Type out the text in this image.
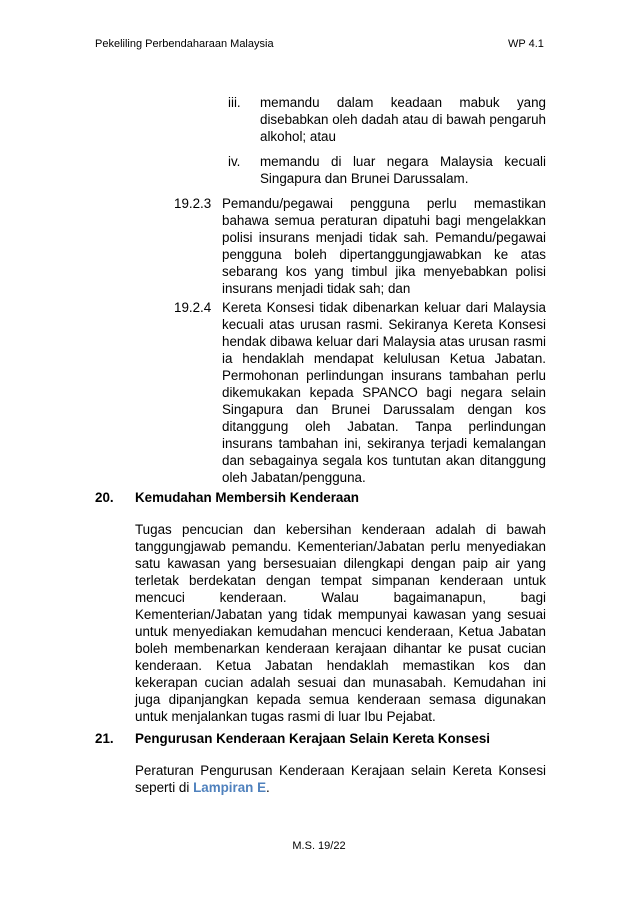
Pekeliling Perbendaharaan Malaysia	WP 4.1
iii. memandu dalam keadaan mabuk yang disebabkan oleh dadah atau di bawah pengaruh alkohol; atau

iv. memandu di luar negara Malaysia kecuali Singapura dan Brunei Darussalam.

19.2.3 Pemandu/pegawai pengguna perlu memastikan bahawa semua peraturan dipatuhi bagi mengelakkan polisi insurans menjadi tidak sah. Pemandu/pegawai pengguna boleh dipertanggungjawabkan ke atas sebarang kos yang timbul jika menyebabkan polisi insurans menjadi tidak sah; dan

19.2.4 Kereta Konsesi tidak dibenarkan keluar dari Malaysia kecuali atas urusan rasmi. Sekiranya Kereta Konsesi hendak dibawa keluar dari Malaysia atas urusan rasmi ia hendaklah mendapat kelulusan Ketua Jabatan. Permohonan perlindungan insurans tambahan perlu dikemukakan kepada SPANCO bagi negara selain Singapura dan Brunei Darussalam dengan kos ditanggung oleh Jabatan. Tanpa perlindungan insurans tambahan ini, sekiranya terjadi kemalangan dan sebagainya segala kos tuntutan akan ditanggung oleh Jabatan/pengguna.

20. Kemudahan Membersih Kenderaan

Tugas pencucian dan kebersihan kenderaan adalah di bawah tanggungjawab pemandu. Kementerian/Jabatan perlu menyediakan satu kawasan yang bersesuaian dilengkapi dengan paip air yang terletak berdekatan dengan tempat simpanan kenderaan untuk mencuci kenderaan. Walau bagaimanapun, bagi Kementerian/Jabatan yang tidak mempunyai kawasan yang sesuai untuk menyediakan kemudahan mencuci kenderaan, Ketua Jabatan boleh membenarkan kenderaan kerajaan dihantar ke pusat cucian kenderaan. Ketua Jabatan hendaklah memastikan kos dan kekerapan cucian adalah sesuai dan munasabah. Kemudahan ini juga dipanjangkan kepada semua kenderaan semasa digunakan untuk menjalankan tugas rasmi di luar Ibu Pejabat.

21. Pengurusan Kenderaan Kerajaan Selain Kereta Konsesi

Peraturan Pengurusan Kenderaan Kerajaan selain Kereta Konsesi seperti di Lampiran E.

M.S. 19/22
